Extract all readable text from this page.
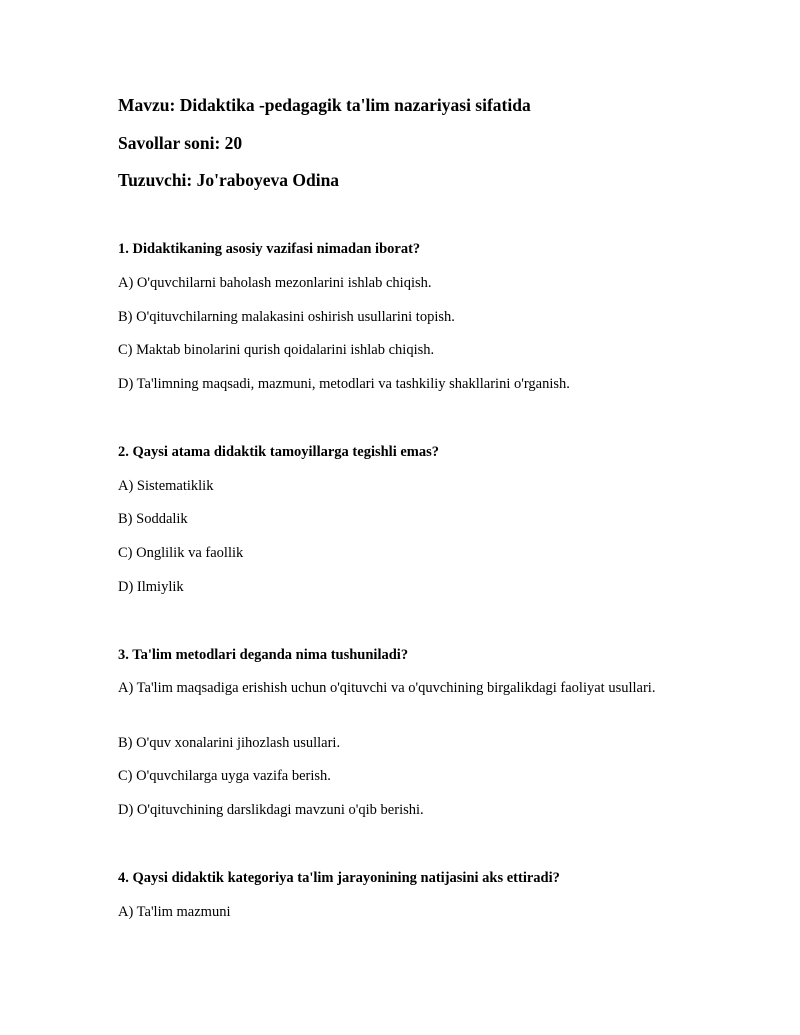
Mavzu: Didaktika -pedagagik ta'lim nazariyasi sifatida
Savollar soni: 20
Tuzuvchi: Jo'raboyeva Odina
1. Didaktikaning asosiy vazifasi nimadan iborat?
A) O'quvchilarni baholash mezonlarini ishlab chiqish.
B) O'qituvchilarning malakasini oshirish usullarini topish.
C) Maktab binolarini qurish qoidalarini ishlab chiqish.
D) Ta'limning maqsadi, mazmuni, metodlari va tashkiliy shakllarini o'rganish.
2. Qaysi atama didaktik tamoyillarga tegishli emas?
A) Sistematiklik
B) Soddalik
C) Onglilik va faollik
D) Ilmiylik
3. Ta'lim metodlari deganda nima tushuniladi?
A) Ta'lim maqsadiga erishish uchun o'qituvchi va o'quvchining birgalikdagi faoliyat usullari.
B) O'quv xonalarini jihozlash usullari.
C) O'quvchilarga uyga vazifa berish.
D) O'qituvchining darslikdagi mavzuni o'qib berishi.
4. Qaysi didaktik kategoriya ta'lim jarayonining natijasini aks ettiradi?
A) Ta'lim mazmuni
